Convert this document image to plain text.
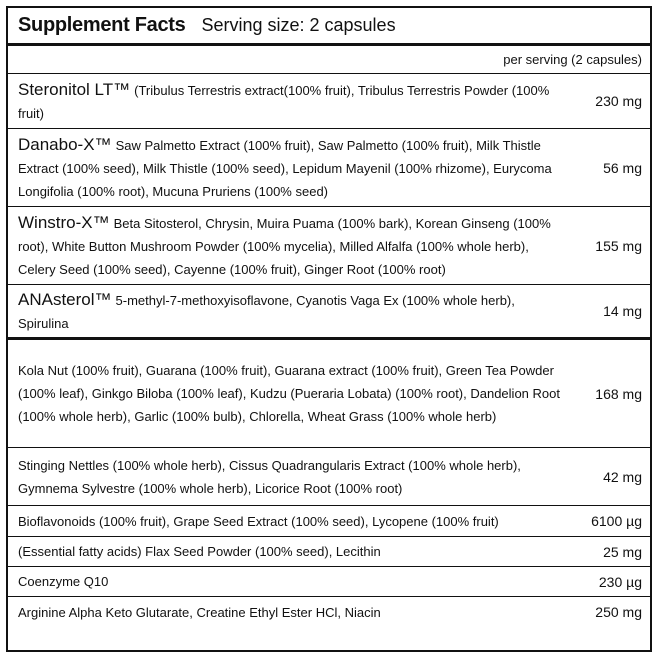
Supplement Facts Serving size: 2 capsules
per serving (2 capsules)
Steronitol LT™ (Tribulus Terrestris extract(100% fruit), Tribulus Terrestris Powder (100% fruit)
230 mg
Danabo-X™ Saw Palmetto Extract (100% fruit), Saw Palmetto (100% fruit), Milk Thistle Extract (100% seed), Milk Thistle (100% seed), Lepidum Mayenil (100% rhizome), Eurycoma Longifolia (100% root), Mucuna Pruriens (100% seed)
56 mg
Winstro-X™ Beta Sitosterol, Chrysin, Muira Puama (100% bark), Korean Ginseng (100% root), White Button Mushroom Powder (100% mycelia), Milled Alfalfa (100% whole herb), Celery Seed (100% seed), Cayenne (100% fruit), Ginger Root (100% root)
155 mg
ANAsterol™ 5-methyl-7-methoxyisoflavone, Cyanotis Vaga Ex (100% whole herb), Spirulina
14 mg
Kola Nut (100% fruit), Guarana (100% fruit), Guarana extract (100% fruit), Green Tea Powder (100% leaf), Ginkgo Biloba (100% leaf), Kudzu (Pueraria Lobata) (100% root), Dandelion Root (100% whole herb), Garlic (100% bulb), Chlorella, Wheat Grass (100% whole herb)
168 mg
Stinging Nettles (100% whole herb), Cissus Quadrangularis Extract (100% whole herb), Gymnema Sylvestre (100% whole herb), Licorice Root (100% root)
42 mg
Bioflavonoids (100% fruit), Grape Seed Extract (100% seed), Lycopene (100% fruit)	6100 µg
(Essential fatty acids) Flax Seed Powder (100% seed), Lecithin	25 mg
Coenzyme Q10	230 µg
Arginine Alpha Keto Glutarate, Creatine Ethyl Ester HCl, Niacin	250 mg
